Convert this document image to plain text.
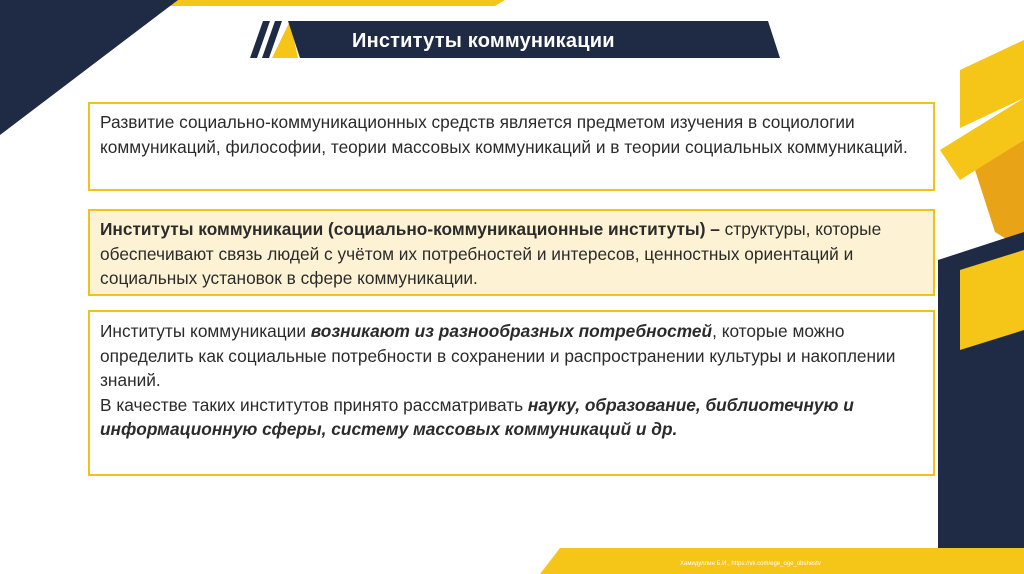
Институты коммуникации
Развитие социально-коммуникационных средств является предметом изучения в социологии коммуникаций, философии, теории массовых коммуникаций и в теории социальных коммуникаций.
Институты коммуникации (социально-коммуникационные институты) – структуры, которые обеспечивают связь людей с учётом их потребностей и интересов, ценностных ориентаций и социальных установок в сфере коммуникации.
Институты коммуникации возникают из разнообразных потребностей, которые можно определить как социальные потребности в сохранении и распространении культуры и накоплении знаний.
В качестве таких институтов принято рассматривать науку, образование, библиотечную и информационную сферы, систему массовых коммуникаций и др.
Хамидуллин Б.И., https://vk.com/ege_oge_obshestv
